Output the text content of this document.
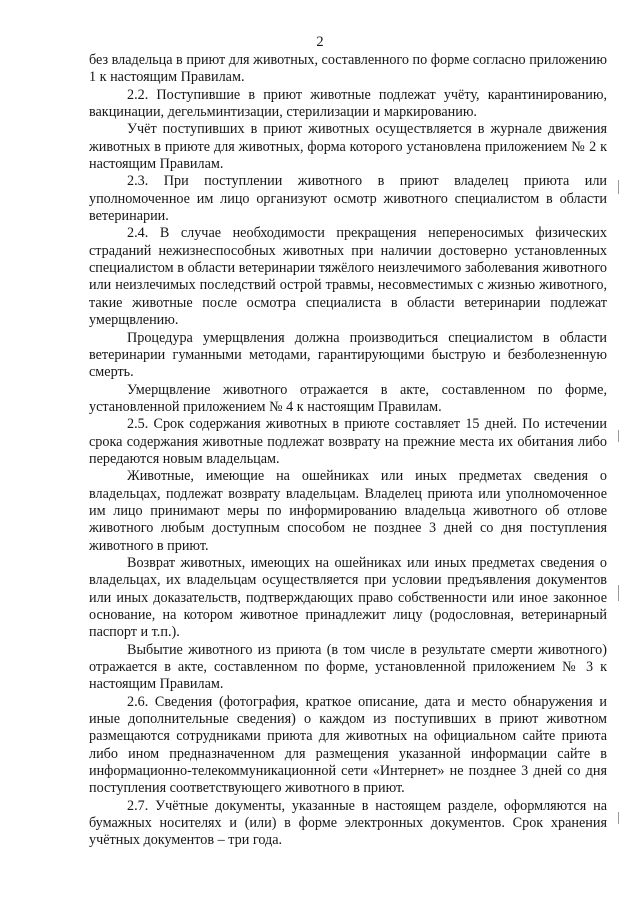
2

без владельца в приют для животных, составленного по форме согласно приложению 1 к настоящим Правилам.

2.2. Поступившие в приют животные подлежат учёту, карантинированию, вакцинации, дегельминтизации, стерилизации и маркированию.

Учёт поступивших в приют животных осуществляется в журнале движения животных в приюте для животных, форма которого установлена приложением № 2 к настоящим Правилам.

2.3. При поступлении животного в приют владелец приюта или уполномоченное им лицо организуют осмотр животного специалистом в области ветеринарии.

2.4. В случае необходимости прекращения непереносимых физических страданий нежизнеспособных животных при наличии достоверно установленных специалистом в области ветеринарии тяжёлого неизлечимого заболевания животного или неизлечимых последствий острой травмы, несовместимых с жизнью животного, такие животные после осмотра специалиста в области ветеринарии подлежат умерщвлению.

Процедура умерщвления должна производиться специалистом в области ветеринарии гуманными методами, гарантирующими быструю и безболезненную смерть.

Умерщвление животного отражается в акте, составленном по форме, установленной приложением № 4 к настоящим Правилам.

2.5. Срок содержания животных в приюте составляет 15 дней. По истечении срока содержания животные подлежат возврату на прежние места их обитания либо передаются новым владельцам.

Животные, имеющие на ошейниках или иных предметах сведения о владельцах, подлежат возврату владельцам. Владелец приюта или уполномоченное им лицо принимают меры по информированию владельца животного об отлове животного любым доступным способом не позднее 3 дней со дня поступления животного в приют.

Возврат животных, имеющих на ошейниках или иных предметах сведения о владельцах, их владельцам осуществляется при условии предъявления документов или иных доказательств, подтверждающих право собственности или иное законное основание, на котором животное принадлежит лицу (родословная, ветеринарный паспорт и т.п.).

Выбытие животного из приюта (в том числе в результате смерти животного) отражается в акте, составленном по форме, установленной приложением № 3 к настоящим Правилам.

2.6. Сведения (фотография, краткое описание, дата и место обнаружения и иные дополнительные сведения) о каждом из поступивших в приют животном размещаются сотрудниками приюта для животных на официальном сайте приюта либо ином предназначенном для размещения указанной информации сайте в информационно-телекоммуникационной сети «Интернет» не позднее 3 дней со дня поступления соответствующего животного в приют.

2.7. Учётные документы, указанные в настоящем разделе, оформляются на бумажных носителях и (или) в форме электронных документов. Срок хранения учётных документов – три года.
